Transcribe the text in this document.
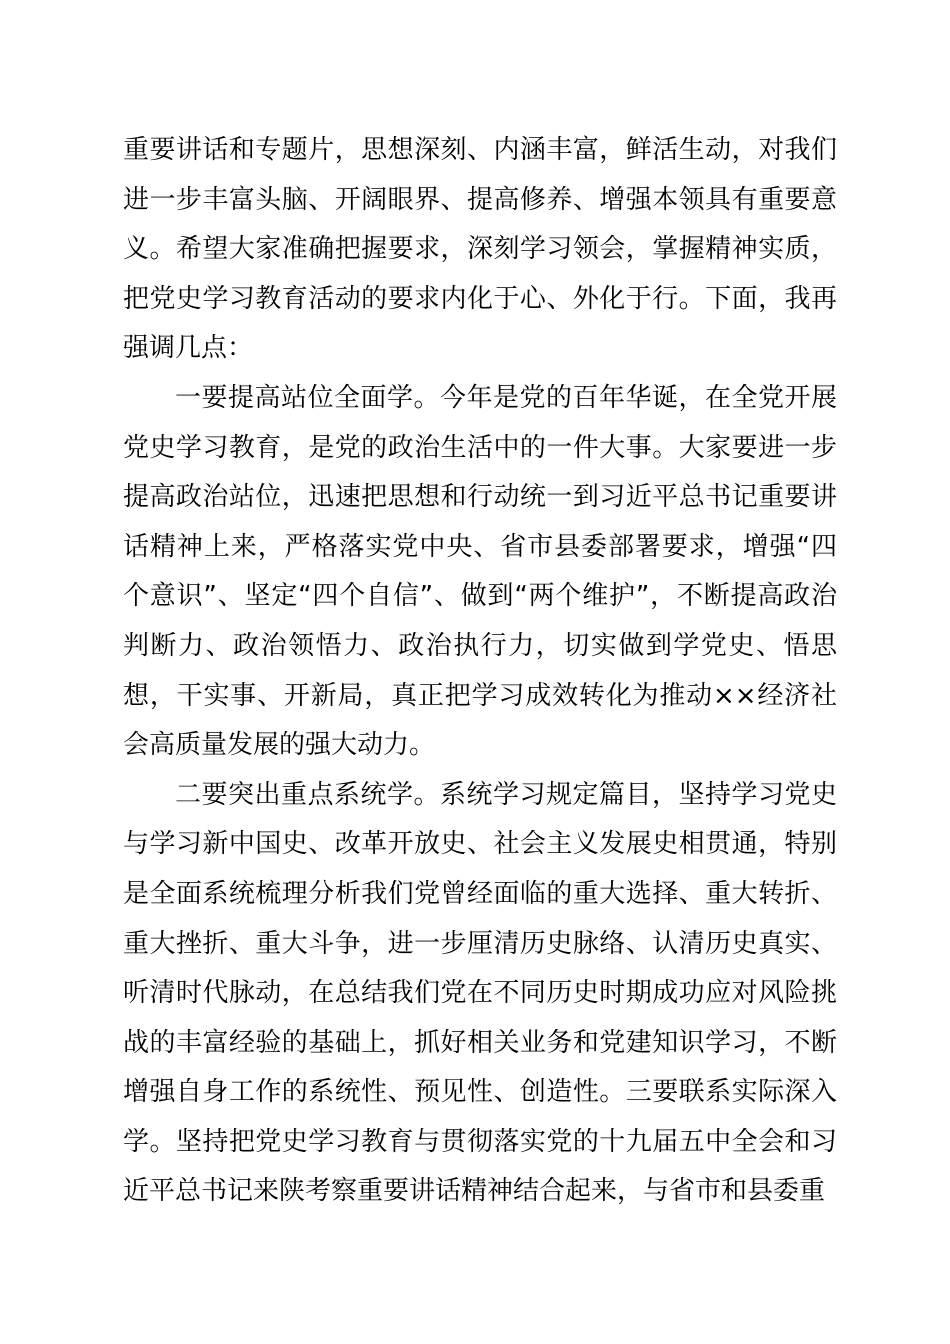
重要讲话和专题片，思想深刻、内涵丰富，鲜活生动，对我们进一步丰富头脑、开阔眼界、提高修养、增强本领具有重要意义。希望大家准确把握要求，深刻学习领会，掌握精神实质，把党史学习教育活动的要求内化于心、外化于行。下面，我再强调几点：

一要提高站位全面学。今年是党的百年华诞，在全党开展党史学习教育，是党的政治生活中的一件大事。大家要进一步提高政治站位，迅速把思想和行动统一到习近平总书记重要讲话精神上来，严格落实党中央、省市县委部署要求，增强“四个意识”、坚定“四个自信”、做到“两个维护”，不断提高政治判断力、政治领悟力、政治执行力，切实做到学党史、悟思想，干实事、开新局，真正把学习成效转化为推动××经济社会高质量发展的强大动力。

二要突出重点系统学。系统学习规定篇目，坚持学习党史与学习新中国史、改革开放史、社会主义发展史相贯通，特别是全面系统梳理分析我们党曾经面临的重大选择、重大转折、重大挫折、重大斗争，进一步厘清历史脉络、认清历史真实、听清时代脉动，在总结我们党在不同历史时期成功应对风险挑战的丰富经验的基础上，抓好相关业务和党建知识学习，不断增强自身工作的系统性、预见性、创造性。三要联系实际深入学。坚持把党史学习教育与贯彻落实党的十九届五中全会和习近平总书记来陕考察重要讲话精神结合起来，与省市和县委重
